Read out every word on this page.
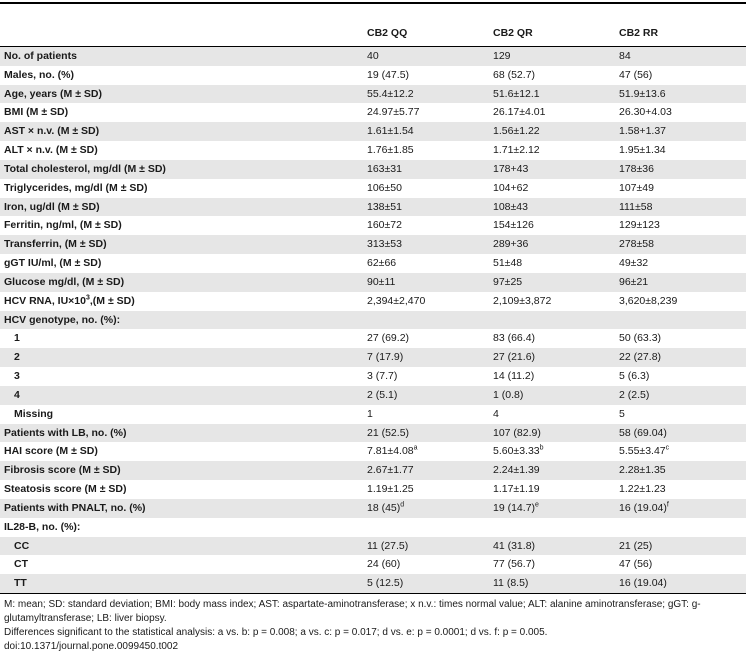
	CB2 QQ	CB2 QR	CB2 RR
No. of patients	40	129	84
Males, no. (%)	19 (47.5)	68 (52.7)	47 (56)
Age, years (M ± SD)	55.4±12.2	51.6±12.1	51.9±13.6
BMI (M ± SD)	24.97±5.77	26.17±4.01	26.30+4.03
AST × n.v. (M ± SD)	1.61±1.54	1.56±1.22	1.58+1.37
ALT × n.v. (M ± SD)	1.76±1.85	1.71±2.12	1.95±1.34
Total cholesterol, mg/dl (M ± SD)	163±31	178+43	178±36
Triglycerides, mg/dl (M ± SD)	106±50	104+62	107±49
Iron, ug/dl (M ± SD)	138±51	108±43	111±58
Ferritin, ng/ml, (M ± SD)	160±72	154±126	129±123
Transferrin, (M ± SD)	313±53	289+36	278±58
gGT IU/ml, (M ± SD)	62±66	51±48	49±32
Glucose mg/dl, (M ± SD)	90±11	97±25	96±21
HCV RNA, $IU\times 10^3,(M \pm SD)$	2,394±2,470	2,109±3,872	3,620±8,239
HCV genotype, no. (%):			
1	27 (69.2)	83 (66.4)	50 (63.3)
2	7 (17.9)	27 (21.6)	22 (27.8)
3	3 (7.7)	14 (11.2)	5 (6.3)
4	2 (5.1)	1 (0.8)	2 (2.5)
Missing	1	4	5
Patients with LB, no. (%)	21 (52.5)	107 (82.9)	58 (69.04)
HAI score (M ± SD)	7.81±4.08$^a$	5.60±3.33$^b$	5.55±3.47$^c$
Fibrosis score (M ± SD)	2.67±1.77	2.24±1.39	2.28±1.35
Steatosis score (M ± SD)	1.19±1.25	1.17±1.19	1.22±1.23
Patients with PNALT, no. (%)	18 $(45)^d$	19 $(14.7)^e$	16 $(19.04)^f$
IL28-B, no. (%):			
CC	11 (27.5)	41 (31.8)	21 (25)
CT	24 (60)	77 (56.7)	47 (56)
TT	5 (12.5)	11 (8.5)	16 (19.04)
M: mean; SD: standard deviation; BMI: body mass index; AST: aspartate-aminotransferase; x n.v.: times normal value; ALT: alanine aminotransferase; gGT: g-glutamyltransferase; LB: liver biopsy.
Differences significant to the statistical analysis: a vs. b: p = 0.008; a vs. c: p = 0.017; d vs. e: p = 0.0001; d vs. f: p = 0.005.
doi:10.1371/journal.pone.0099450.t002
